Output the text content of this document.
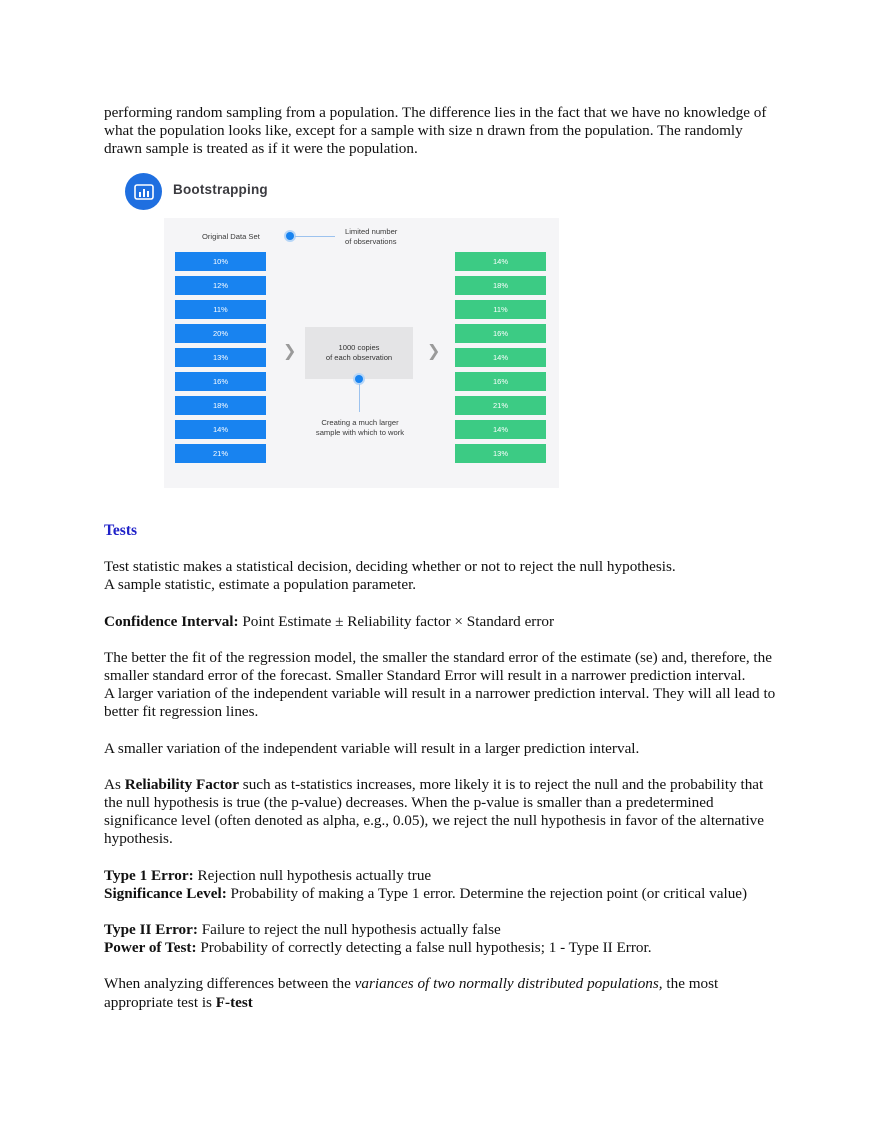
performing random sampling from a population. The difference lies in the fact that we have no knowledge of what the population looks like, except for a sample with size n drawn from the population. The randomly drawn sample is treated as if it were the population.

Bootstrapping
Original Data Set
Limited number
of observations
10%
12%
11%
20%
13%
16%
18%
14%
21%
❯	1000 copies
of each observation
Creating a much larger
sample with which to work
❯
14%
18%
11%
16%
14%
16%
21%
14%
13%

Tests

Test statistic makes a statistical decision, deciding whether or not to reject the null hypothesis.

A sample statistic, estimate a population parameter.

Confidence Interval: Point Estimate ± Reliability factor × Standard error

The better the fit of the regression model, the smaller the standard error of the estimate (se) and, therefore, the smaller standard error of the forecast. Smaller Standard Error will result in a narrower prediction interval.

A larger variation of the independent variable will result in a narrower prediction interval. They will all lead to better fit regression lines.

A smaller variation of the independent variable will result in a larger prediction interval.

As Reliability Factor such as t-statistics increases, more likely it is to reject the null and the probability that the null hypothesis is true (the p-value) decreases. When the p-value is smaller than a predetermined significance level (often denoted as alpha, e.g., 0.05), we reject the null hypothesis in favor of the alternative hypothesis.

Type 1 Error: Rejection null hypothesis actually true

Significance Level: Probability of making a Type 1 error. Determine the rejection point (or critical value)

Type II Error: Failure to reject the null hypothesis actually false

Power of Test: Probability of correctly detecting a false null hypothesis; 1 - Type II Error.

When analyzing differences between the variances of two normally distributed populations, the most appropriate test is F-test
